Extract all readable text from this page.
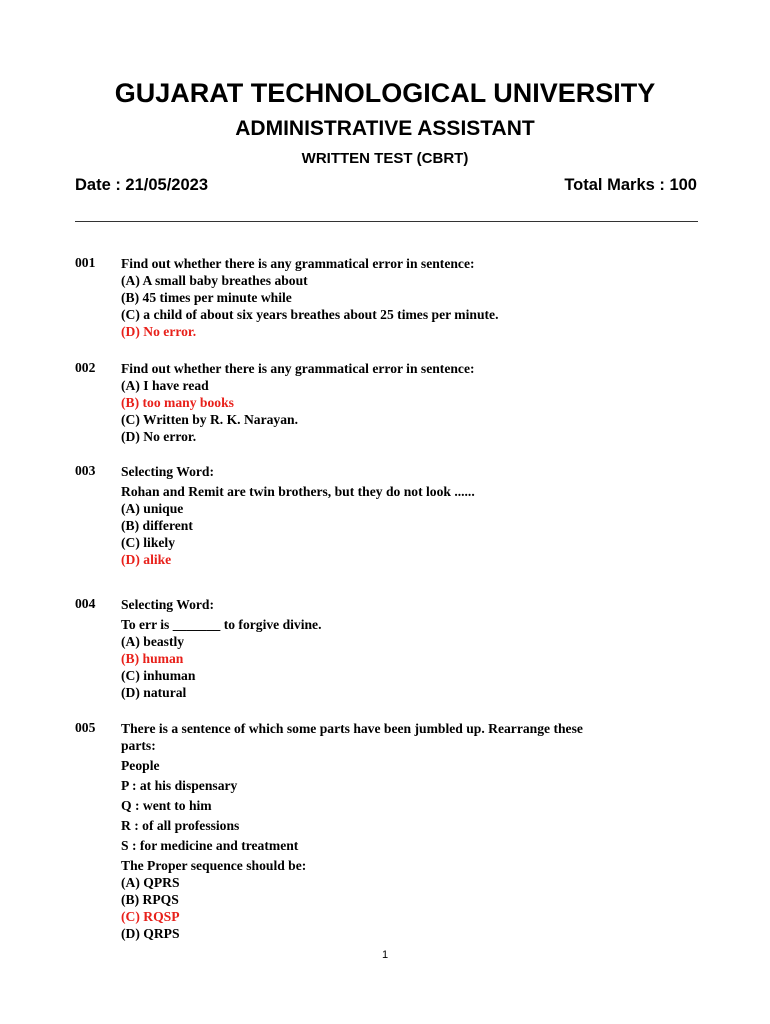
GUJARAT TECHNOLOGICAL UNIVERSITY
ADMINISTRATIVE ASSISTANT
WRITTEN TEST (CBRT)
Date : 21/05/2023	Total Marks : 100
001 Find out whether there is any grammatical error in sentence:
(A) A small baby breathes about
(B) 45 times per minute while
(C) a child of about six years breathes about 25 times per minute.
(D) No error.
002 Find out whether there is any grammatical error in sentence:
(A) I have read
(B) too many books
(C) Written by R. K. Narayan.
(D) No error.
003 Selecting Word:
Rohan and Remit are twin brothers, but they do not look ......
(A) unique
(B) different
(C) likely
(D) alike
004 Selecting Word:
To err is _______ to forgive divine.
(A) beastly
(B) human
(C) inhuman
(D) natural
005 There is a sentence of which some parts have been jumbled up. Rearrange these
parts:
People
P : at his dispensary
Q : went to him
R : of all professions
S : for medicine and treatment
The Proper sequence should be:
(A) QPRS
(B) RPQS
(C) RQSP
(D) QRPS
1
